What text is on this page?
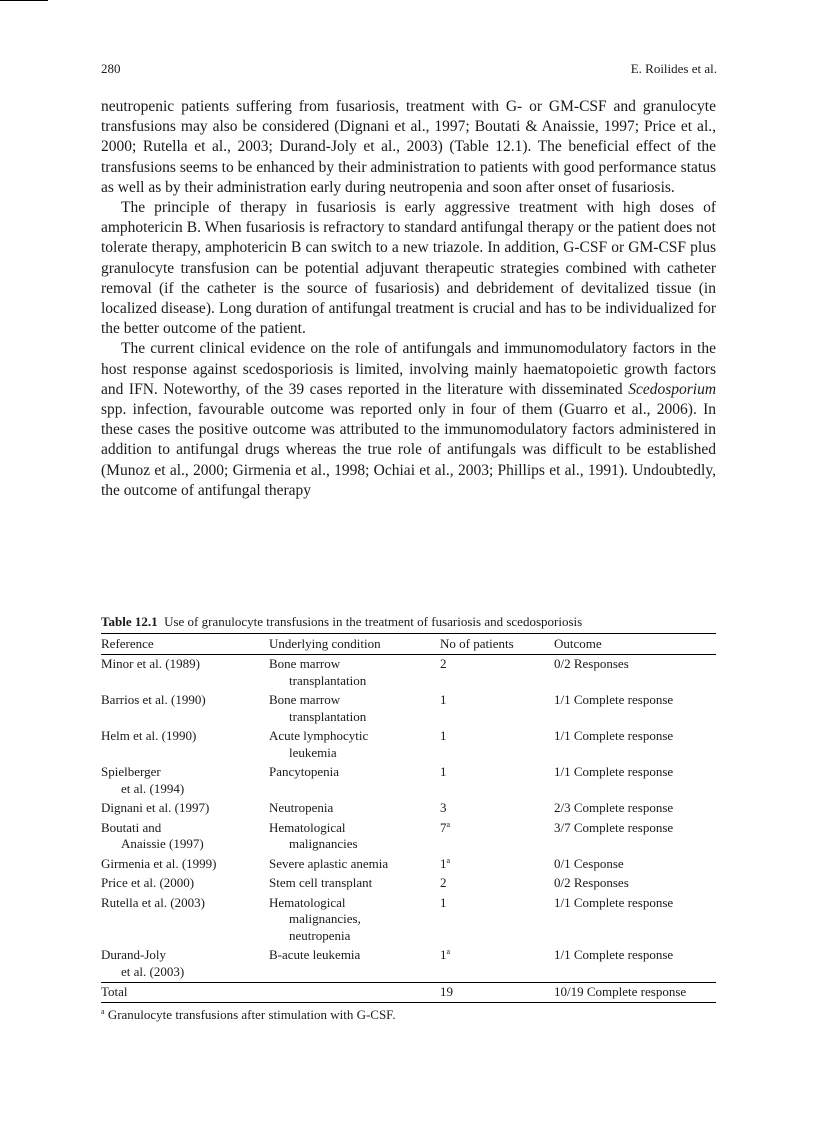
280	E. Roilides et al.

neutropenic patients suffering from fusariosis, treatment with G- or GM-CSF and granulocyte transfusions may also be considered (Dignani et al., 1997; Boutati & Anaissie, 1997; Price et al., 2000; Rutella et al., 2003; Durand-Joly et al., 2003) (Table 12.1). The beneficial effect of the transfusions seems to be enhanced by their administration to patients with good performance status as well as by their administration early during neutropenia and soon after onset of fusariosis.

The principle of therapy in fusariosis is early aggressive treatment with high doses of amphotericin B. When fusariosis is refractory to standard antifungal therapy or the patient does not tolerate therapy, amphotericin B can switch to a new triazole. In addition, G-CSF or GM-CSF plus granulocyte transfusion can be potential adjuvant therapeutic strategies combined with catheter removal (if the catheter is the source of fusariosis) and debridement of devitalized tissue (in localized disease). Long duration of antifungal treatment is crucial and has to be individualized for the better outcome of the patient.

The current clinical evidence on the role of antifungals and immunomodulatory factors in the host response against scedosporiosis is limited, involving mainly haematopoietic growth factors and IFN. Noteworthy, of the 39 cases reported in the literature with disseminated Scedosporium spp. infection, favourable outcome was reported only in four of them (Guarro et al., 2006). In these cases the positive outcome was attributed to the immunomodulatory factors administered in addition to antifungal drugs whereas the true role of antifungals was difficult to be established (Munoz et al., 2000; Girmenia et al., 1998; Ochiai et al., 2003; Phillips et al., 1991). Undoubtedly, the outcome of antifungal therapy

Table 12.1 Use of granulocyte transfusions in the treatment of fusariosis and scedosporiosis
Reference	Underlying condition	No of patients	Outcome

Minor et al. (1989)	Bone marrow
transplantation	2	0/2 Responses

Barrios et al. (1990)	Bone marrow
transplantation	1	1/1 Complete response

Helm et al. (1990)	Acute lymphocytic
leukemia	1	1/1 Complete response

Spielberger
et al. (1994)	Pancytopenia	1	1/1 Complete response

Dignani et al. (1997)	Neutropenia	3	2/3 Complete response

Boutati and
Anaissie (1997)	Hematological
malignancies	7$^a$	3/7 Complete response

Girmenia et al. (1999)	Severe aplastic anemia	1$^a$	0/1 Cesponse

Price et al. (2000)	Stem cell transplant	2	0/2 Responses

Rutella et al. (2003)	Hematological
malignancies,
neutropenia	1	1/1 Complete response

Durand-Joly
et al. (2003)	B-acute leukemia	1$^a$	1/1 Complete response

Total		19	10/19 Complete response
$^a$ Granulocyte transfusions after stimulation with G-CSF.
